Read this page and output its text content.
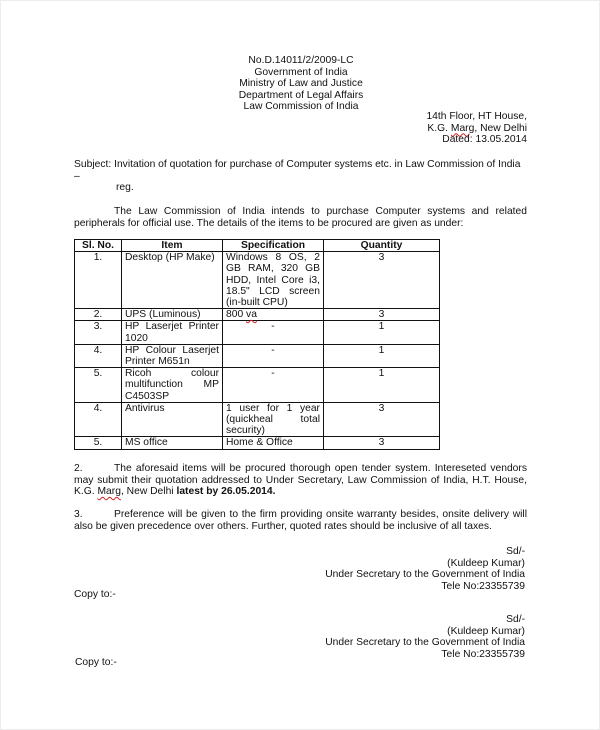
No.D.14011/2/2009-LC
Government of India
Ministry of Law and Justice
Department of Legal Affairs
Law Commission of India
14th Floor, HT House,
K.G. Marg, New Delhi
Dated: 13.05.2014
Subject: Invitation of quotation for purchase of Computer systems etc. in Law Commission of India –
reg.
The Law Commission of India intends to purchase Computer systems and related peripherals for official use. The details of the items to be procured are given as under:
Sl. No.	Item	Specification	Quantity
1.	Desktop (HP Make)	Windows 8 OS, 2 GB RAM, 320 GB HDD, Intel Core i3, 18.5" LCD screen (in-built CPU)	3
2.	UPS (Luminous)	800 va	3
3.	HP Laserjet Printer 1020	-	1
4.	HP Colour Laserjet Printer M651n	-	1
5.	Ricoh colour multifunction MP C4503SP	-	1
4.	Antivirus	1 user for 1 year (quickheal total security)	3
5.	MS office	Home & Office	3
2.	The aforesaid items will be procured thorough open tender system. Intereseted vendors may submit their quotation addressed to Under Secretary, Law Commission of India, H.T. House, K.G. Marg, New Delhi latest by 26.05.2014.
3.	Preference will be given to the firm providing onsite warranty besides, onsite delivery will also be given precedence over others. Further, quoted rates should be inclusive of all taxes.
Sd/-
(Kuldeep Kumar)
Under Secretary to the Government of India
Tele No:23355739
Copy to:-
Sd/-
(Kuldeep Kumar)
Under Secretary to the Government of India
Tele No:23355739
Copy to:-
